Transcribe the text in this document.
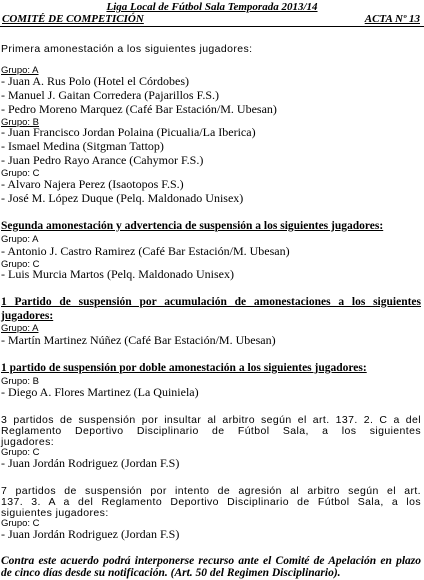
Liga Local de Fútbol Sala Temporada 2013/14
COMITÉ DE COMPETICIÓN	ACTA Nº 13
Primera amonestación a los siguientes jugadores:
Grupo: A
- Juan A. Rus Polo (Hotel el Córdobes)
- Manuel J. Gaitan Corredera (Pajarillos F.S.)
- Pedro Moreno Marquez (Café Bar Estación/M. Ubesan)
Grupo: B
- Juan Francisco Jordan Polaina (Picualia/La Iberica)
- Ismael Medina (Sitgman Tattop)
- Juan Pedro Rayo Arance (Cahymor F.S.)
Grupo: C
- Alvaro Najera Perez (Isaotopos F.S.)
- José M. López Duque (Pelq. Maldonado Unisex)
Segunda amonestación y advertencia de suspensión a los siguientes jugadores:
Grupo: A
- Antonio J. Castro Ramirez (Café Bar Estación/M. Ubesan)
Grupo: C
- Luis Murcia Martos (Pelq. Maldonado Unisex)
1 Partido de suspensión por acumulación de amonestaciones a los siguientes
jugadores:
Grupo: A
- Martín Martinez Núñez (Café Bar Estación/M. Ubesan)
1 partido de suspensión por doble amonestación a los siguientes jugadores:
Grupo: B
- Diego A. Flores Martinez (La Quiniela)
3 partidos de suspensión por insultar al arbitro según el art. 137. 2. C a del
Reglamento Deportivo Disciplinario de Fútbol Sala, a los siguientes
jugadores:
Grupo: C
- Juan Jordán Rodriguez (Jordan F.S)
7 partidos de suspensión por intento de agresión al arbitro según el art.
137. 3. A a del Reglamento Deportivo Disciplinario de Fútbol Sala, a los
siguientes jugadores:
Grupo: C
- Juan Jordán Rodriguez (Jordan F.S)
Contra este acuerdo podrá interponerse recurso ante el Comité de Apelación en plazo
de cinco días desde su notificación. (Art. 50 del Regimen Disciplinario).
